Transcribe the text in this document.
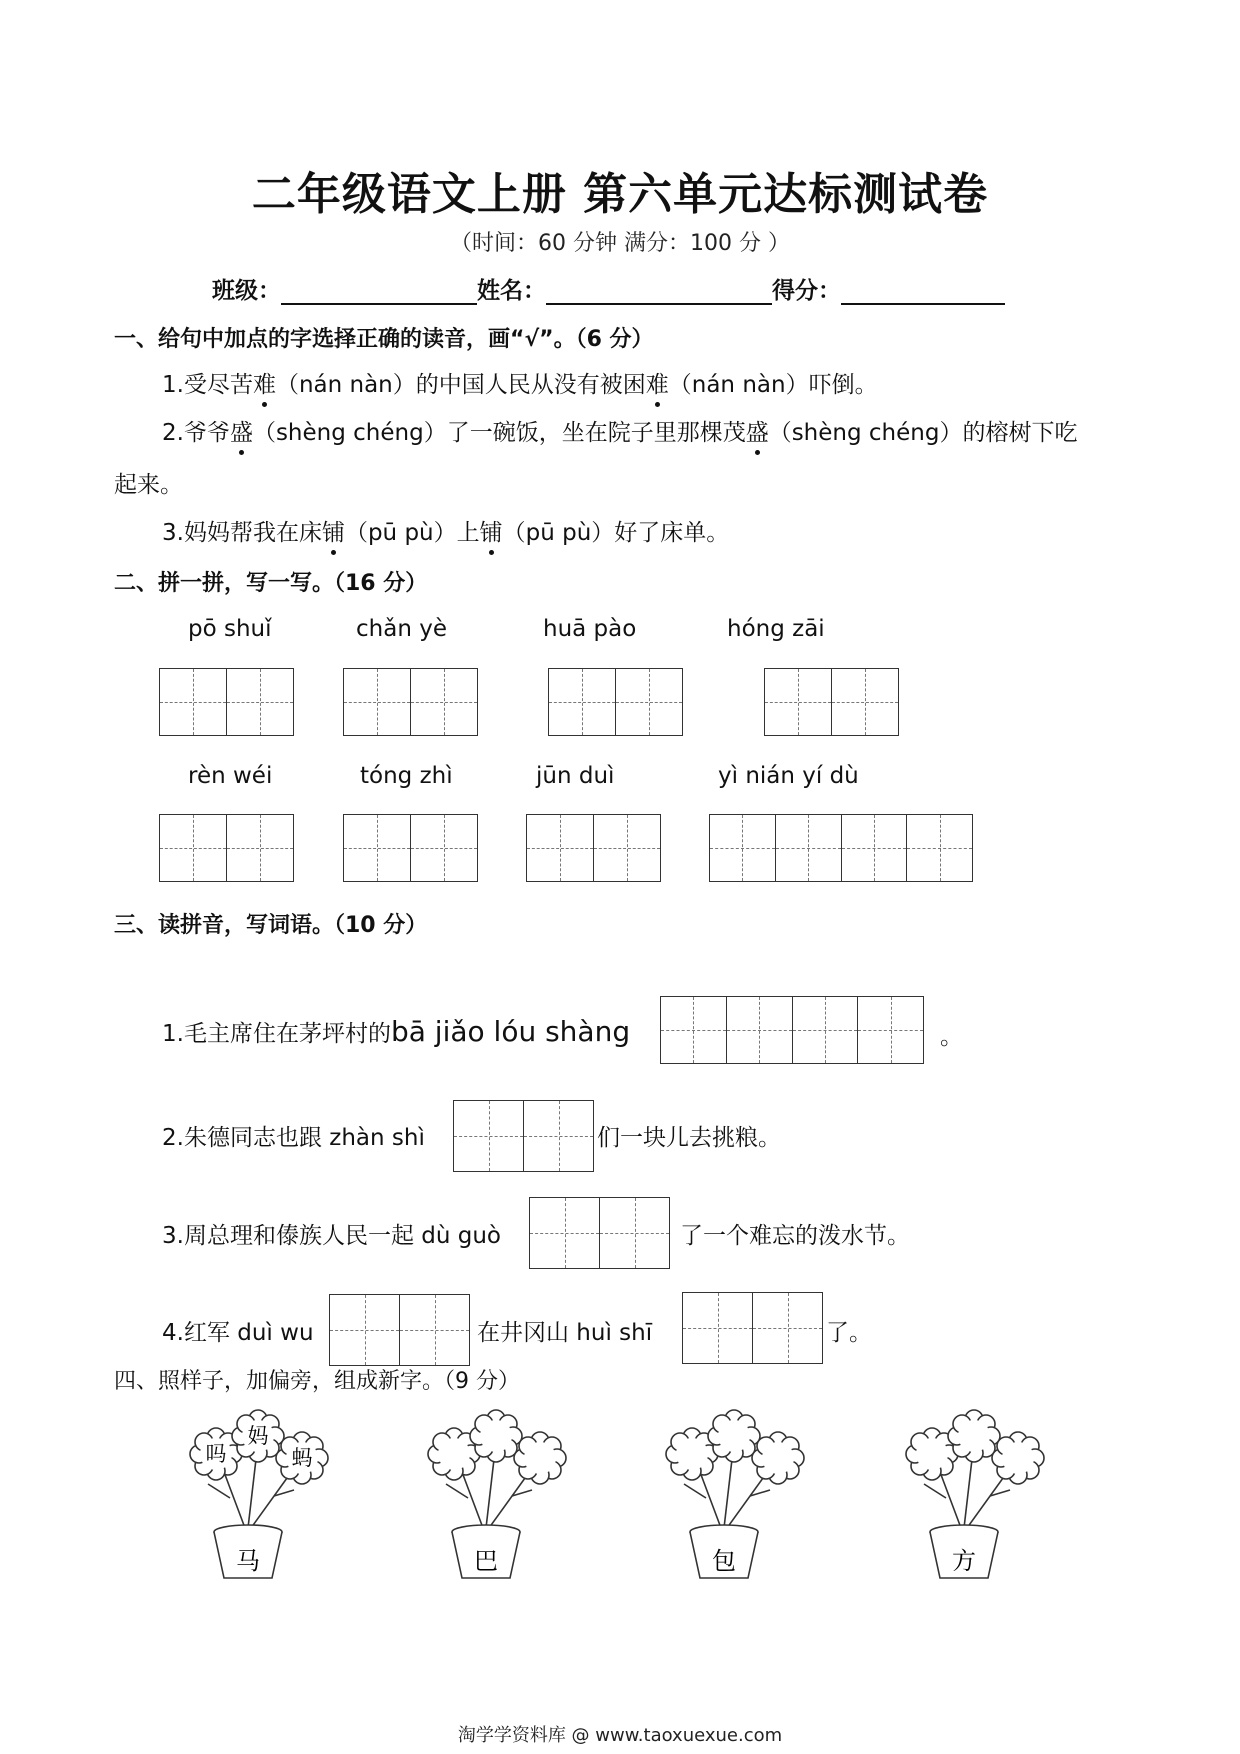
二年级语文上册 第六单元达标测试卷
（时间：60 分钟 满分：100 分 ）
班级：	姓名：	得分：
一、给句中加点的字选择正确的读音，画“√”。（6 分）
1.受尽苦难（nán nàn）的中国人民从没有被困难（nán nàn）吓倒。
2.爷爷盛（shèng chéng）了一碗饭，坐在院子里那棵茂盛（shèng chéng）的榕树下吃
起来。
3.妈妈帮我在床铺（pū pù）上铺（pū pù）好了床单。
二、拼一拼，写一写。（16 分）
pō shuǐ	chǎn yè	huā pào	hóng zāi
rèn wéi	tóng zhì	jūn duì	yì nián yí dù
三、读拼音，写词语。（10 分）
1.毛主席住在茅坪村的bā jiǎo lóu shàng	。
2.朱德同志也跟 zhàn shì	们一块儿去挑粮。
3.周总理和傣族人民一起 dù guò	了一个难忘的泼水节。
4.红军 duì wu	在井冈山 huì shī	了。
四、照样子，加偏旁，组成新字。（9 分）
吗
妈
蚂
马	巴	包	方
淘学学资料库 @ www.taoxuexue.com
